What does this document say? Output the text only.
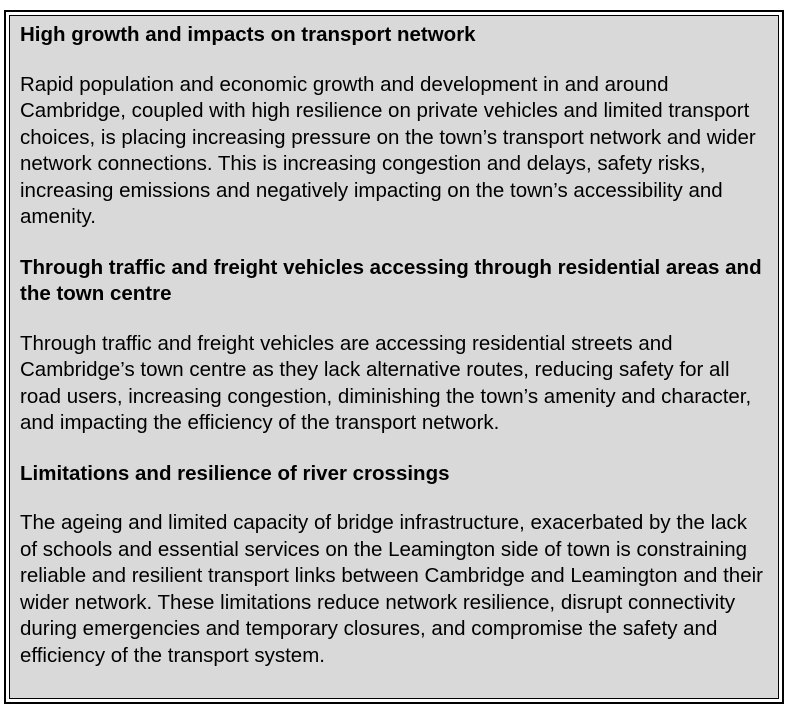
High growth and impacts on transport network

Rapid population and economic growth and development in and around Cambridge, coupled with high resilience on private vehicles and limited transport choices, is placing increasing pressure on the town’s transport network and wider network connections. This is increasing congestion and delays, safety risks, increasing emissions and negatively impacting on the town’s accessibility and amenity.

Through traffic and freight vehicles accessing through residential areas and the town centre

Through traffic and freight vehicles are accessing residential streets and Cambridge’s town centre as they lack alternative routes, reducing safety for all road users, increasing congestion, diminishing the town’s amenity and character, and impacting the efficiency of the transport network.

Limitations and resilience of river crossings

The ageing and limited capacity of bridge infrastructure, exacerbated by the lack of schools and essential services on the Leamington side of town is constraining reliable and resilient transport links between Cambridge and Leamington and their wider network. These limitations reduce network resilience, disrupt connectivity during emergencies and temporary closures, and compromise the safety and efficiency of the transport system.
